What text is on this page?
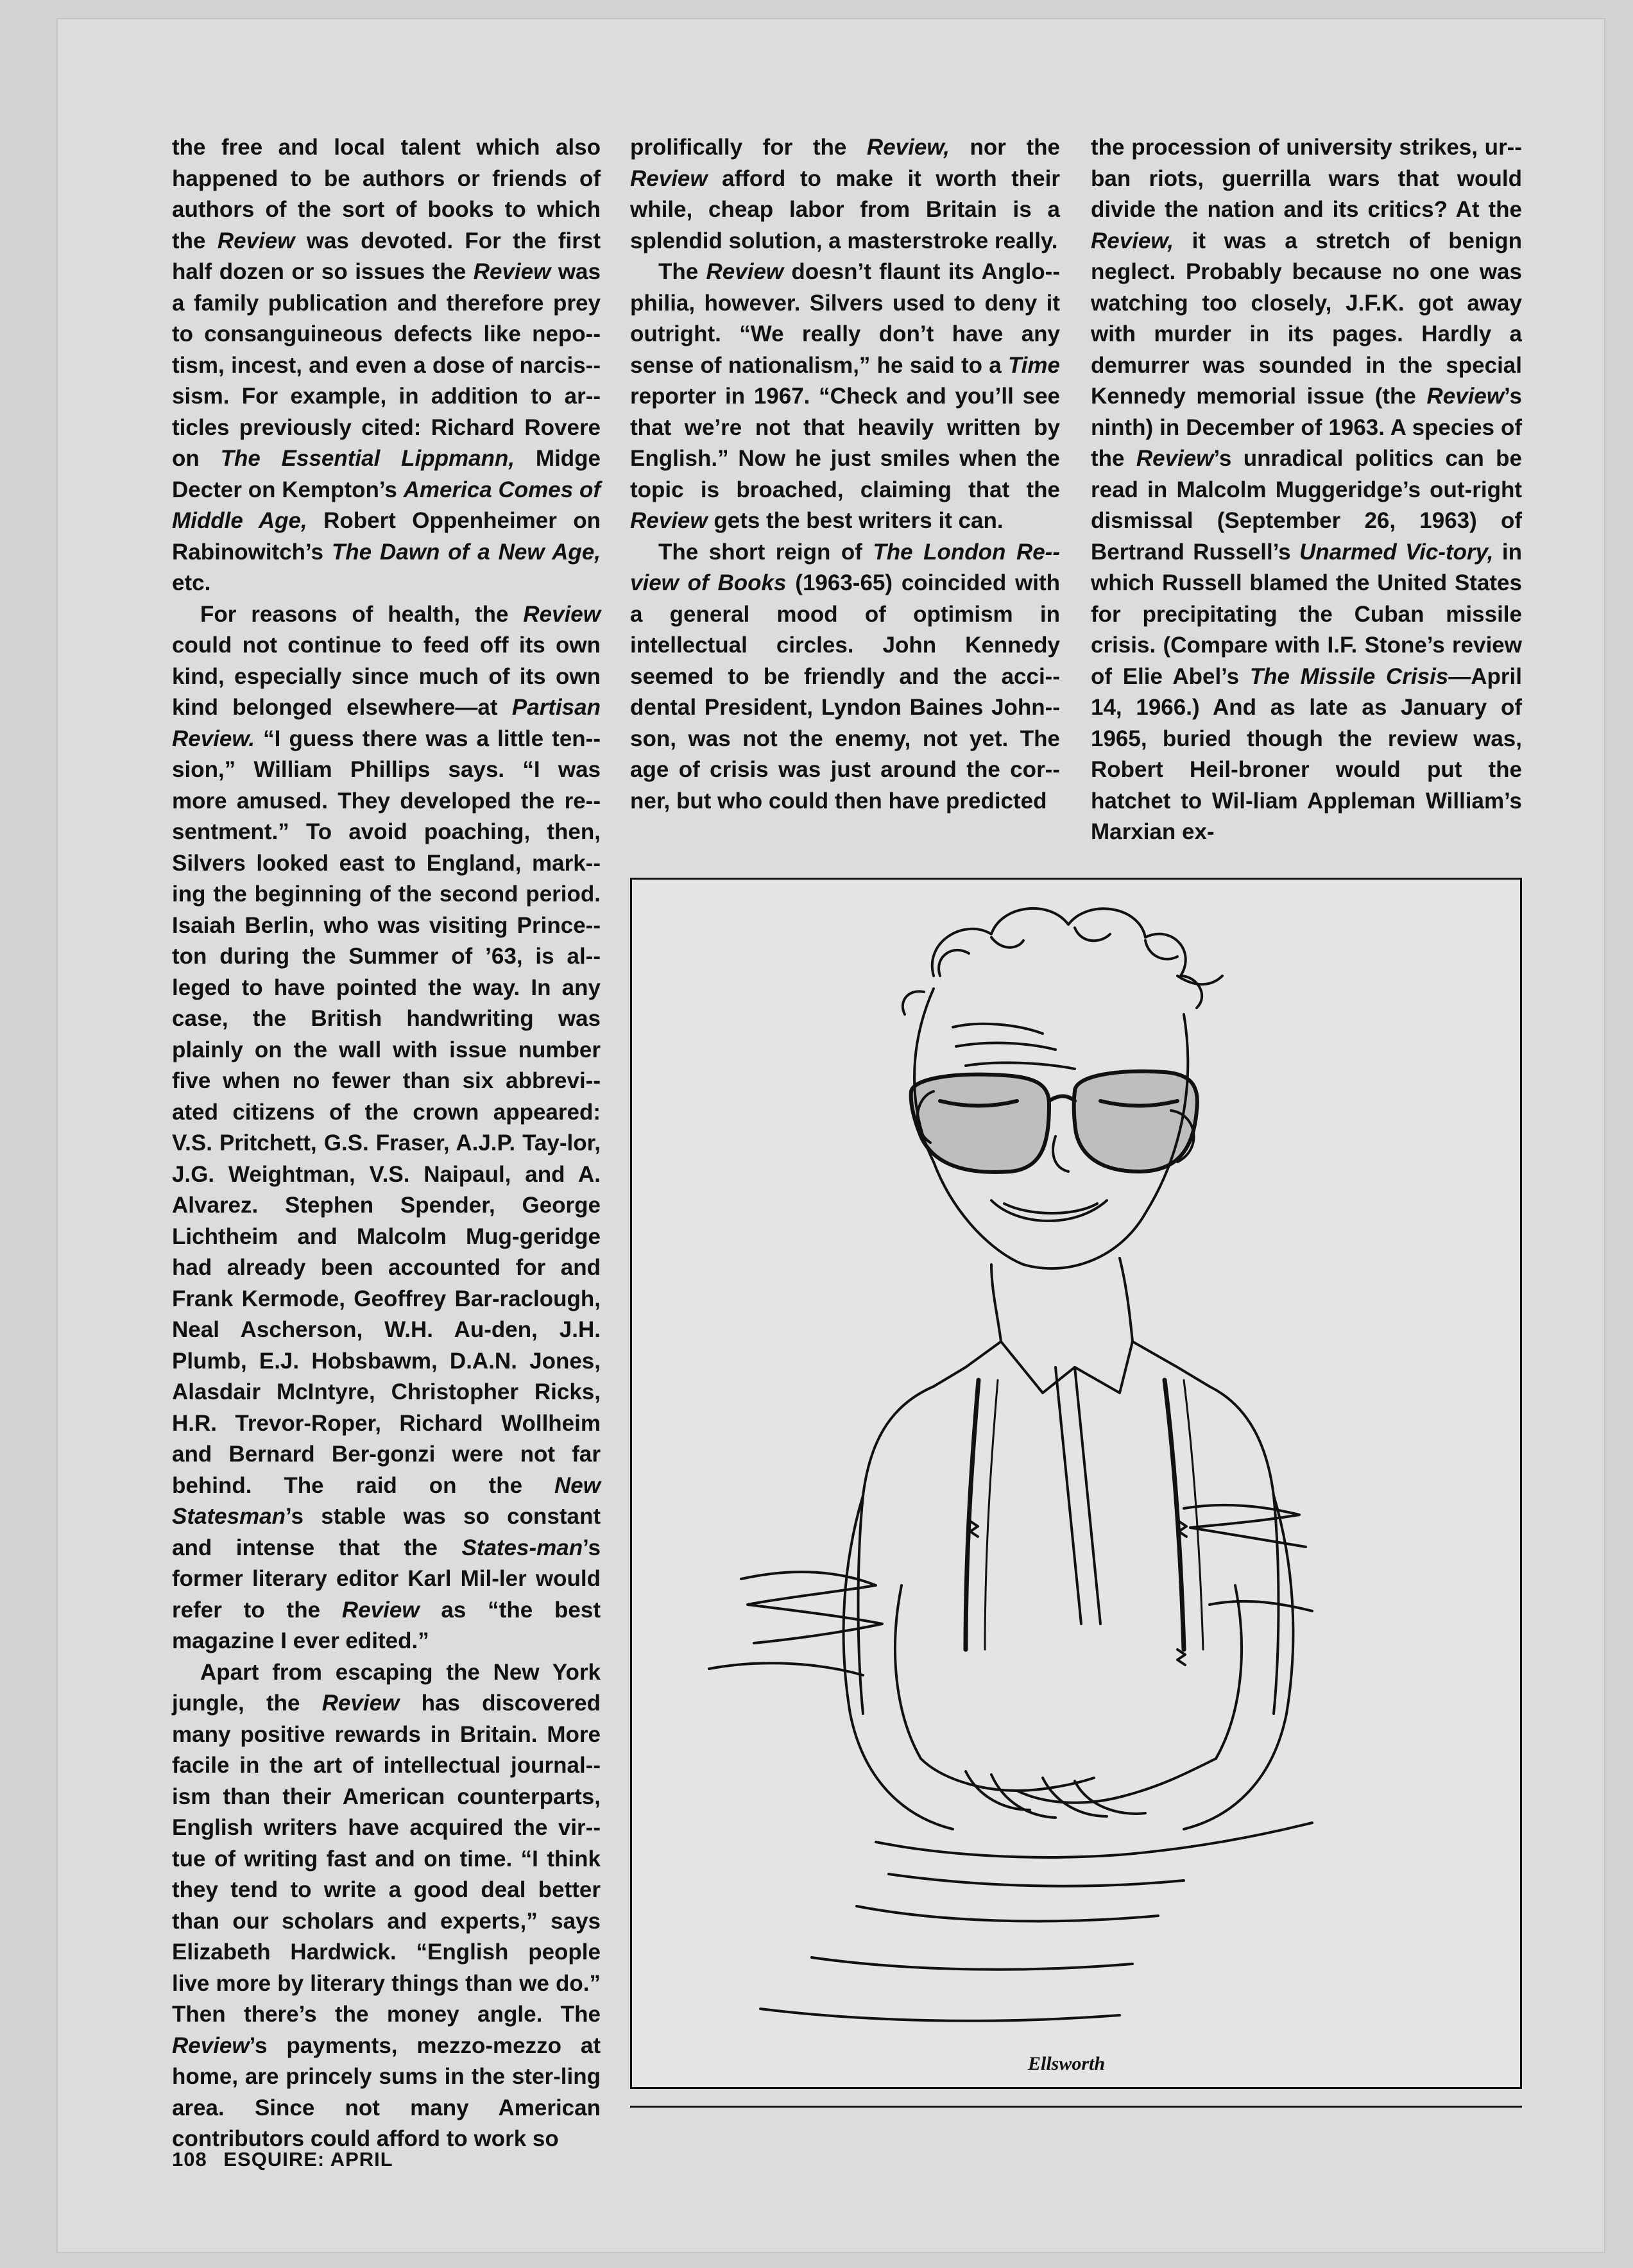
the free and local talent which also happened to be authors or friends of authors of the sort of books to which the Review was devoted. For the first half dozen or so issues the Review was a family publication and therefore prey to consanguineous defects like nepo-tism, incest, and even a dose of narcis-sism. For example, in addition to ar-ticles previously cited: Richard Rovere on The Essential Lippmann, Midge Decter on Kempton’s America Comes of Middle Age, Robert Oppenheimer on Rabinowitch’s The Dawn of a New Age, etc.

For reasons of health, the Review could not continue to feed off its own kind, especially since much of its own kind belonged elsewhere—at Partisan Review. “I guess there was a little ten-sion,” William Phillips says. “I was more amused. They developed the re-sentment.” To avoid poaching, then, Silvers looked east to England, mark-ing the beginning of the second period. Isaiah Berlin, who was visiting Prince-ton during the Summer of ’63, is al-leged to have pointed the way. In any case, the British handwriting was plainly on the wall with issue number five when no fewer than six abbrevi-ated citizens of the crown appeared: V.S. Pritchett, G.S. Fraser, A.J.P. Tay-lor, J.G. Weightman, V.S. Naipaul, and A. Alvarez. Stephen Spender, George Lichtheim and Malcolm Mug-geridge had already been accounted for and Frank Kermode, Geoffrey Bar-raclough, Neal Ascherson, W.H. Au-den, J.H. Plumb, E.J. Hobsbawm, D.A.N. Jones, Alasdair McIntyre, Christopher Ricks, H.R. Trevor-Roper, Richard Wollheim and Bernard Ber-gonzi were not far behind. The raid on the New Statesman’s stable was so constant and intense that the States-man’s former literary editor Karl Mil-ler would refer to the Review as “the best magazine I ever edited.”

Apart from escaping the New York jungle, the Review has discovered many positive rewards in Britain. More facile in the art of intellectual journal-ism than their American counterparts, English writers have acquired the vir-tue of writing fast and on time. “I think they tend to write a good deal better than our scholars and experts,” says Elizabeth Hardwick. “English people live more by literary things than we do.” Then there’s the money angle. The Review’s payments, mezzo-mezzo at home, are princely sums in the ster-ling area. Since not many American contributors could afford to work so

prolifically for the Review, nor the Review afford to make it worth their while, cheap labor from Britain is a splendid solution, a masterstroke really.

The Review doesn’t flaunt its Anglo-philia, however. Silvers used to deny it outright. “We really don’t have any sense of nationalism,” he said to a Time reporter in 1967. “Check and you’ll see that we’re not that heavily written by English.” Now he just smiles when the topic is broached, claiming that the Review gets the best writers it can.

The short reign of The London Re-view of Books (1963-65) coincided with a general mood of optimism in intellectual circles. John Kennedy seemed to be friendly and the acci-dental President, Lyndon Baines John-son, was not the enemy, not yet. The age of crisis was just around the cor-ner, but who could then have predicted

the procession of university strikes, ur-ban riots, guerrilla wars that would divide the nation and its critics? At the Review, it was a stretch of benign neglect. Probably because no one was watching too closely, J.F.K. got away with murder in its pages. Hardly a demurrer was sounded in the special Kennedy memorial issue (the Review’s ninth) in December of 1963. A species of the Review’s unradical politics can be read in Malcolm Muggeridge’s out-right dismissal (September 26, 1963) of Bertrand Russell’s Unarmed Vic-tory, in which Russell blamed the United States for precipitating the Cuban missile crisis. (Compare with I.F. Stone’s review of Elie Abel’s The Missile Crisis—April 14, 1966.) And as late as January of 1965, buried though the review was, Robert Heil-broner would put the hatchet to Wil-liam Appleman William’s Marxian ex-

Ellsworth
108 ESQUIRE: APRIL
